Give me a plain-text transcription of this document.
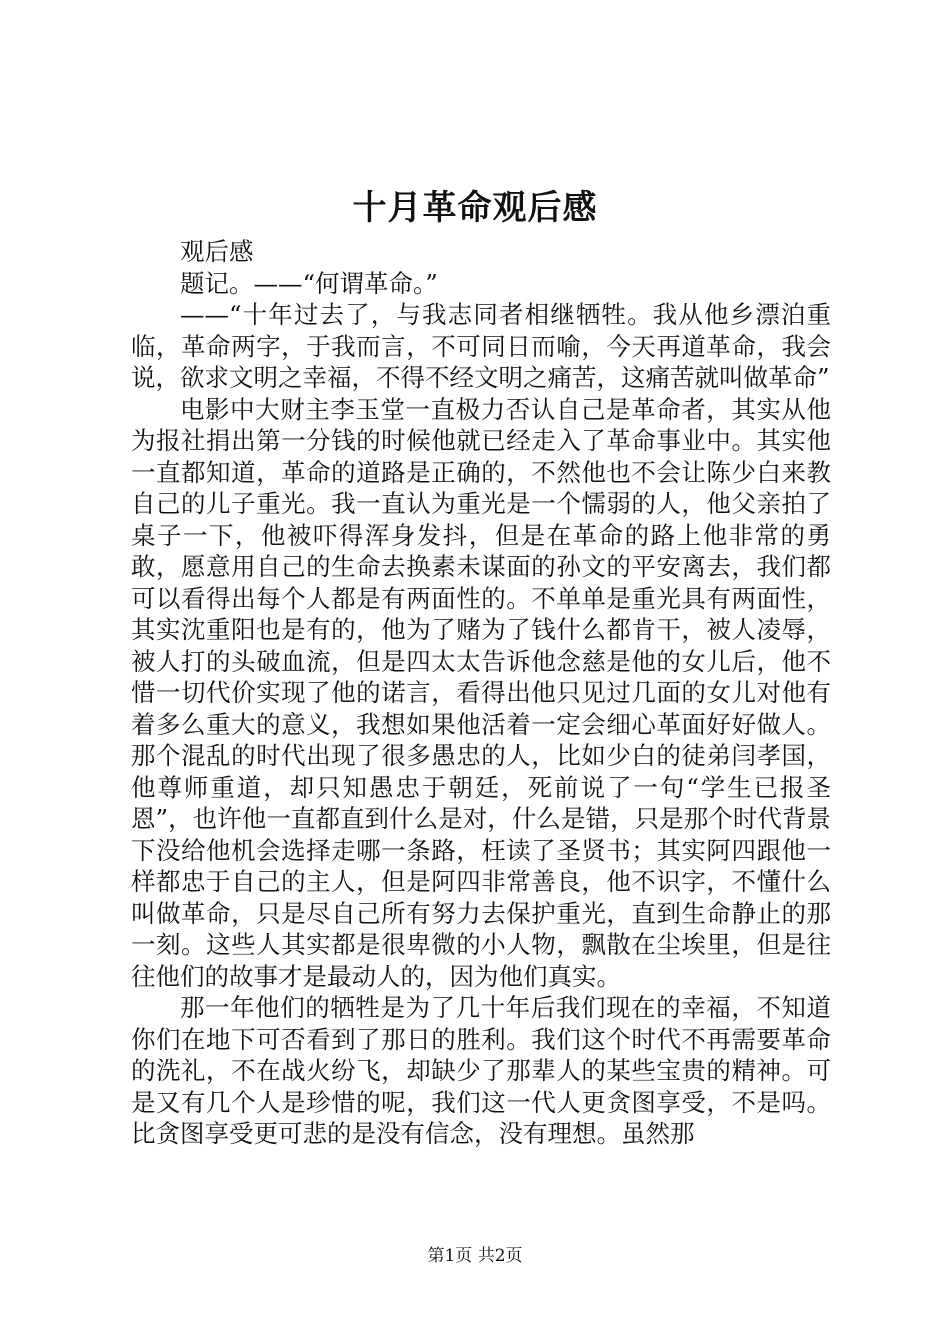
十月革命观后感

观后感

题记。——“何谓革命。”

——“十年过去了，与我志同者相继牺牲。我从他乡漂泊重临，革命两字，于我而言，不可同日而喻，今天再道革命，我会说，欲求文明之幸福，不得不经文明之痛苦，这痛苦就叫做革命”

电影中大财主李玉堂一直极力否认自己是革命者，其实从他为报社捐出第一分钱的时候他就已经走入了革命事业中。其实他一直都知道，革命的道路是正确的，不然他也不会让陈少白来教自己的儿子重光。我一直认为重光是一个懦弱的人，他父亲拍了桌子一下，他被吓得浑身发抖，但是在革命的路上他非常的勇敢，愿意用自己的生命去换素未谋面的孙文的平安离去，我们都可以看得出每个人都是有两面性的。不单单是重光具有两面性，其实沈重阳也是有的，他为了赌为了钱什么都肯干，被人凌辱，被人打的头破血流，但是四太太告诉他念慈是他的女儿后，他不惜一切代价实现了他的诺言，看得出他只见过几面的女儿对他有着多么重大的意义，我想如果他活着一定会细心革面好好做人。那个混乱的时代出现了很多愚忠的人，比如少白的徒弟闫孝国，他尊师重道，却只知愚忠于朝廷，死前说了一句“学生已报圣恩”，也许他一直都直到什么是对，什么是错，只是那个时代背景下没给他机会选择走哪一条路，枉读了圣贤书；其实阿四跟他一样都忠于自己的主人，但是阿四非常善良，他不识字，不懂什么叫做革命，只是尽自己所有努力去保护重光，直到生命静止的那一刻。这些人其实都是很卑微的小人物，飘散在尘埃里，但是往往他们的故事才是最动人的，因为他们真实。

那一年他们的牺牲是为了几十年后我们现在的幸福，不知道你们在地下可否看到了那日的胜利。我们这个时代不再需要革命的洗礼，不在战火纷飞，却缺少了那辈人的某些宝贵的精神。可是又有几个人是珍惜的呢，我们这一代人更贪图享受，不是吗。比贪图享受更可悲的是没有信念，没有理想。虽然那

第1页 共2页
